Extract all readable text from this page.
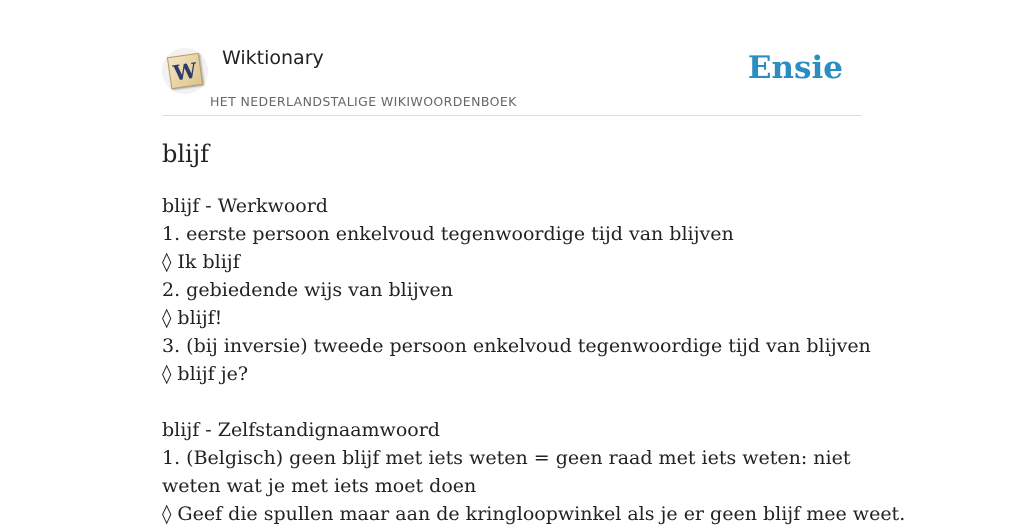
W Wiktionary
HET NEDERLANDSTALIGE WIKIWOORDENBOEK
Ensie
blijf
blijf - Werkwoord
1. eerste persoon enkelvoud tegenwoordige tijd van blijven
◊ Ik blijf
2. gebiedende wijs van blijven
◊ blijf!
3. (bij inversie) tweede persoon enkelvoud tegenwoordige tijd van blijven
◊ blijf je?
blijf - Zelfstandignaamwoord
1. (Belgisch) geen blijf met iets weten = geen raad met iets weten: niet weten wat je met iets moet doen
◊ Geef die spullen maar aan de kringloopwinkel als je er geen blijf mee weet.
